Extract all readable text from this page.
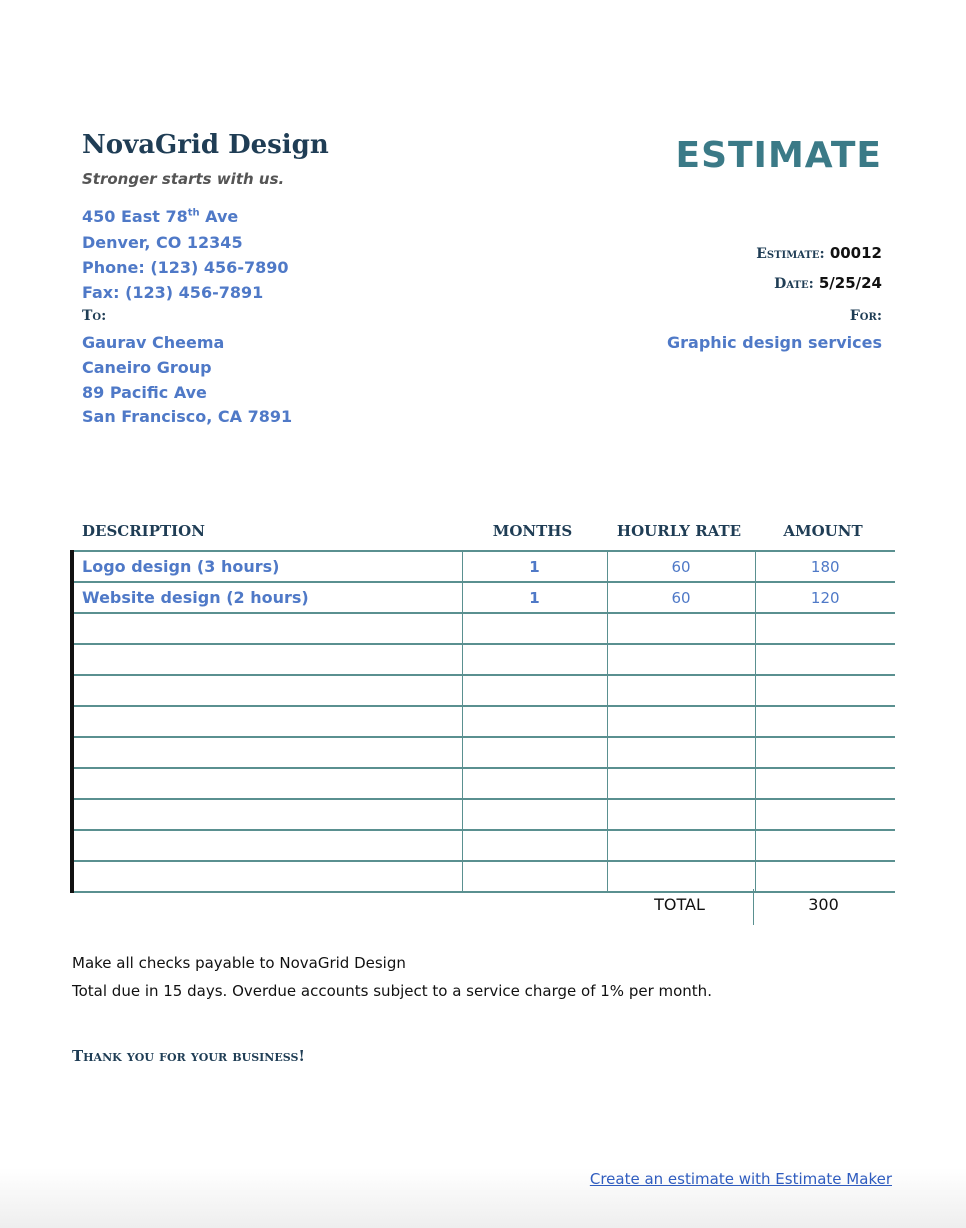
NovaGrid Design
Stronger starts with us.
ESTIMATE
450 East 78th Ave
Denver, CO 12345
Phone: (123) 456-7890
Fax: (123) 456-7891
To:
Gaurav Cheema
Caneiro Group
89 Pacific Ave
San Francisco, CA 7891
Estimate: 00012
Date: 5/25/24
For:
Graphic design services
DESCRIPTION	MONTHS	HOURLY RATE	AMOUNT
Logo design (3 hours)	1	60	180
Website design (2 hours)	1	60	120

TOTAL	300
Make all checks payable to NovaGrid Design
Total due in 15 days. Overdue accounts subject to a service charge of 1% per month.
Thank you for your business!
Create an estimate with Estimate Maker
